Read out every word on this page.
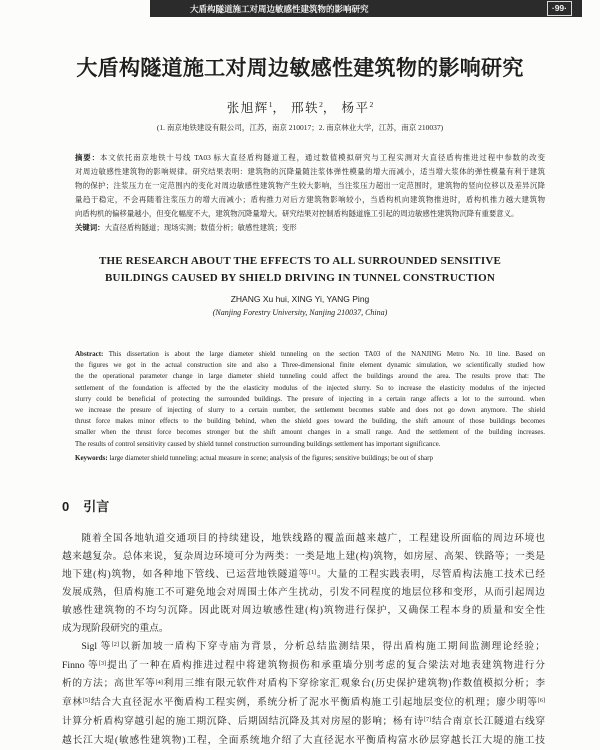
大盾构隧道施工对周边敏感性建筑物的影响研究	·99·
大盾构隧道施工对周边敏感性建筑物的影响研究
张旭辉$^1$， 邢轶$^2$， 杨平$^2$
(1. 南京地铁建设有限公司，江苏，南京 210017；2. 南京林业大学，江苏，南京 210037)
摘要：本文依托南京地铁十号线 TA03 标大直径盾构隧道工程，通过数值模拟研究与工程实测对大直径盾构推进过程中参数的改变
对周边敏感性建筑物的影响规律。研究结果表明：建筑物的沉降量随注浆体弹性模量的增大而减小，适当增大浆体的弹性模量有利于建筑
物的保护；注浆压力在一定范围内的变化对周边敏感性建筑物产生较大影响，当注浆压力超出一定范围时，建筑物的竖向位移以及差异沉降
量趋于稳定，不会再随着注浆压力的增大而减小；盾构推力对后方建筑物影响较小，当盾构机向建筑物推进时，盾构机推力越大建筑物
向盾构机的偏移量越小，但变化幅度不大，建筑物沉降量增大。研究结果对控制盾构隧道施工引起的周边敏感性建筑物沉降有重要意义。
关键词：大直径盾构隧道；现场实测；数值分析；敏感性建筑；变形
THE RESEARCH ABOUT THE EFFECTS TO ALL SURROUNDED SENSITIVE
BUILDINGS CAUSED BY SHIELD DRIVING IN TUNNEL CONSTRUCTION
ZHANG Xu hui, XING Yi, YANG Ping
(Nanjing Forestry University, Nanjing 210037, China)
Abstract: This dissertation is about the large diameter shield tunneling on the section TA03 of the NANJING Metro No. 10 line. Based on
the figures we got in the actual construction site and also a Three-dimensional finite element dynamic simulation, we scientifically studied how
the the operational parameter change in large diameter shield tunneling could affect the buildings around the area. The results prove that: The
settlement of the foundation is affected by the the elasticity modulus of the injected slurry. So to increase the elasticity modulus of the injected
slurry could be beneficial of protecting the surrounded buildings. The presure of injecting in a certain range affects a lot to the surround. when
we increase the presure of injecting of slurry to a certain number, the settlement becomes stable and does not go down anymore. The shield
thrust force makes minor effects to the building behind, when the shield goes toward the building, the shift amount of those buildings becomes
smaller when the thrust force becomes stronger but the shift amount changes in a small range. And the settlement of the building increases.
The results of control sensitivity caused by shield tunnel construction surrounding buildings settlement has important significance.
Keywords: large diameter shield tunneling; actual measure in scene; analysis of the figures; sensitive buildings; be out of sharp
0 引言
随着全国各地轨道交通项目的持续建设，地铁线路的覆盖面越来越广，工程建设所面临的周边环境也
越来越复杂。总体来说，复杂周边环境可分为两类：一类是地上建(构)筑物，如房屋、高架、铁路等；一类是
地下建(构)筑物，如各种地下管线、已运营地铁隧道等[1]。大量的工程实践表明，尽管盾构法施工技术已经
发展成熟，但盾构施工不可避免地会对周围土体产生扰动，引发不同程度的地层位移和变形，从而引起周边
敏感性建筑物的不均匀沉降。因此既对周边敏感性建(构)筑物进行保护，又确保工程本身的质量和安全性
成为现阶段研究的重点。
Sigl 等[2]以新加坡一盾构下穿寺庙为背景，分析总结监测结果，得出盾构施工期间监测理论经验；
Finno 等[3]提出了一种在盾构推进过程中将建筑物损伤和承重墙分别考虑的复合梁法对地表建筑物进行分
析的方法；高世军等[4]利用三维有限元软件对盾构下穿徐家汇观象台(历史保护建筑物)作数值模拟分析；李
章林[5]结合大直径泥水平衡盾构工程实例，系统分析了泥水平衡盾构施工引起地层变位的机理；廖少明等[6]
计算分析盾构穿越引起的施工期沉降、后期固结沉降及其对房屋的影响；杨有诗[7]结合南京长江隧道右线穿
越长江大堤(敏感性建筑物)工程，全面系统地介绍了大直径泥水平衡盾构富水砂层穿越长江大堤的施工技
